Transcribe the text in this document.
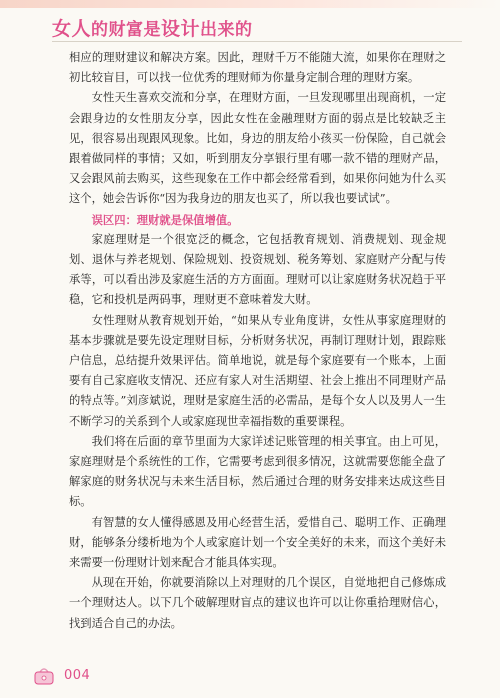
女人的财富是设计出来的

相应的理财建议和解决方案。因此，理财千万不能随大流，如果你在理财之初比较盲目，可以找一位优秀的理财师为你量身定制合理的理财方案。

女性天生喜欢交流和分享，在理财方面，一旦发现哪里出现商机，一定会跟身边的女性朋友分享，因此女性在金融理财方面的弱点是比较缺乏主见，很容易出现跟风现象。比如，身边的朋友给小孩买一份保险，自己就会跟着做同样的事情；又如，听到朋友分享银行里有哪一款不错的理财产品，又会跟风前去购买，这些现象在工作中都会经常看到，如果你问她为什么买这个，她会告诉你“因为我身边的朋友也买了，所以我也要试试”。

误区四：理财就是保值增值。

家庭理财是一个很宽泛的概念，它包括教育规划、消费规划、现金规划、退休与养老规划、保险规划、投资规划、税务筹划、家庭财产分配与传承等，可以看出涉及家庭生活的方方面面。理财可以让家庭财务状况趋于平稳，它和投机是两码事，理财更不意味着发大财。

女性理财从教育规划开始，“如果从专业角度讲，女性从事家庭理财的基本步骤就是要先设定理财目标，分析财务状况，再制订理财计划，跟踪账户信息，总结提升效果评估。简单地说，就是每个家庭要有一个账本，上面要有自己家庭收支情况、还应有家人对生活期望、社会上推出不同理财产品的特点等。”刘彦斌说，理财是家庭生活的必需品，是每个女人以及男人一生不断学习的关系到个人或家庭现世幸福指数的重要课程。

我们将在后面的章节里面为大家详述记账管理的相关事宜。由上可见，家庭理财是个系统性的工作，它需要考虑到很多情况，这就需要您能全盘了解家庭的财务状况与未来生活目标，然后通过合理的财务安排来达成这些目标。

有智慧的女人懂得感恩及用心经营生活，爱惜自己、聪明工作、正确理财，能够条分缕析地为个人或家庭计划一个安全美好的未来，而这个美好未来需要一份理财计划来配合才能具体实现。

从现在开始，你就要消除以上对理财的几个误区，自觉地把自己修炼成一个理财达人。以下几个破解理财盲点的建议也许可以让你重拾理财信心，找到适合自己的办法。

004
